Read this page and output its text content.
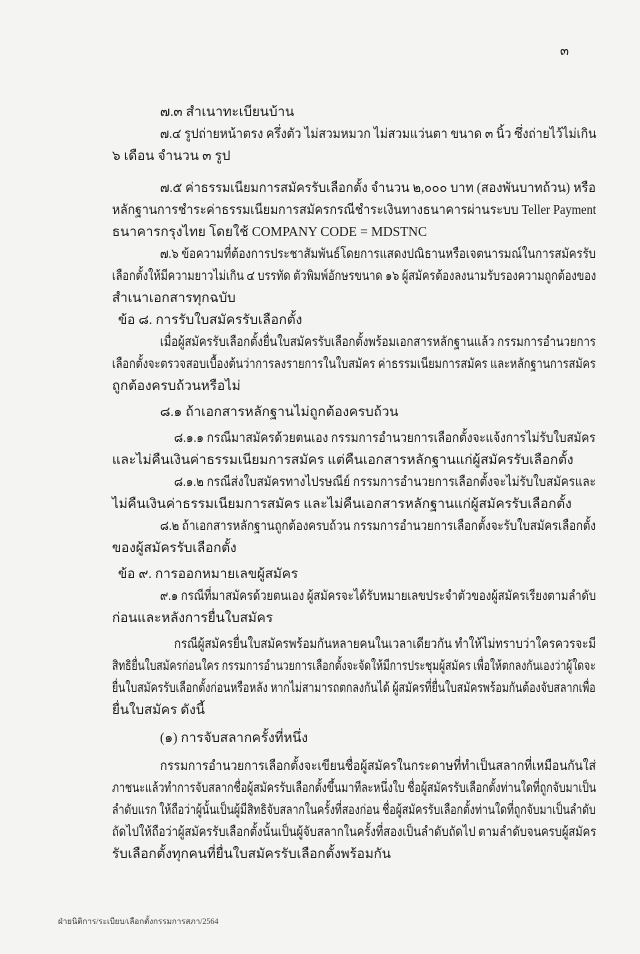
๓
๗.๓ สำเนาทะเบียนบ้าน
๗.๔ รูปถ่ายหน้าตรง ครึ่งตัว ไม่สวมหมวก ไม่สวมแว่นตา ขนาด ๓ นิ้ว ซึ่งถ่ายไว้ไม่เกิน
๖ เดือน จำนวน ๓ รูป
๗.๕ ค่าธรรมเนียมการสมัครรับเลือกตั้ง จำนวน ๒,๐๐๐ บาท (สองพันบาทถ้วน) หรือ
หลักฐานการชำระค่าธรรมเนียมการสมัครกรณีชำระเงินทางธนาคารผ่านระบบ Teller Payment
ธนาคารกรุงไทย โดยใช้ COMPANY CODE = MDSTNC
๗.๖ ข้อความที่ต้องการประชาสัมพันธ์โดยการแสดงปณิธานหรือเจตนารมณ์ในการสมัครรับ
เลือกตั้งให้มีความยาวไม่เกิน ๔ บรรทัด ตัวพิมพ์อักษรขนาด ๑๖ ผู้สมัครต้องลงนามรับรองความถูกต้องของ
สำเนาเอกสารทุกฉบับ
ข้อ ๘. การรับใบสมัครรับเลือกตั้ง
เมื่อผู้สมัครรับเลือกตั้งยื่นใบสมัครรับเลือกตั้งพร้อมเอกสารหลักฐานแล้ว กรรมการอำนวยการ
เลือกตั้งจะตรวจสอบเบื้องต้นว่าการลงรายการในใบสมัคร ค่าธรรมเนียมการสมัคร และหลักฐานการสมัคร
ถูกต้องครบถ้วนหรือไม่
๘.๑ ถ้าเอกสารหลักฐานไม่ถูกต้องครบถ้วน
๘.๑.๑ กรณีมาสมัครด้วยตนเอง กรรมการอำนวยการเลือกตั้งจะแจ้งการไม่รับใบสมัคร
และไม่คืนเงินค่าธรรมเนียมการสมัคร แต่คืนเอกสารหลักฐานแก่ผู้สมัครรับเลือกตั้ง
๘.๑.๒ กรณีส่งใบสมัครทางไปรษณีย์ กรรมการอำนวยการเลือกตั้งจะไม่รับใบสมัครและ
ไม่คืนเงินค่าธรรมเนียมการสมัคร และไม่คืนเอกสารหลักฐานแก่ผู้สมัครรับเลือกตั้ง
๘.๒ ถ้าเอกสารหลักฐานถูกต้องครบถ้วน กรรมการอำนวยการเลือกตั้งจะรับใบสมัครเลือกตั้ง
ของผู้สมัครรับเลือกตั้ง
ข้อ ๙. การออกหมายเลขผู้สมัคร
๙.๑ กรณีที่มาสมัครด้วยตนเอง ผู้สมัครจะได้รับหมายเลขประจำตัวของผู้สมัครเรียงตามลำดับ
ก่อนและหลังการยื่นใบสมัคร
กรณีผู้สมัครยื่นใบสมัครพร้อมกันหลายคนในเวลาเดียวกัน ทำให้ไม่ทราบว่าใครควรจะมี
สิทธิยื่นใบสมัครก่อนใคร กรรมการอำนวยการเลือกตั้งจะจัดให้มีการประชุมผู้สมัคร เพื่อให้ตกลงกันเองว่าผู้ใดจะ
ยื่นใบสมัครรับเลือกตั้งก่อนหรือหลัง หากไม่สามารถตกลงกันได้ ผู้สมัครที่ยื่นใบสมัครพร้อมกันต้องจับสลากเพื่อ
ยื่นใบสมัคร ดังนี้
(๑) การจับสลากครั้งที่หนึ่ง
กรรมการอำนวยการเลือกตั้งจะเขียนชื่อผู้สมัครในกระดาษที่ทำเป็นสลากที่เหมือนกันใส่
ภาชนะแล้วทำการจับสลากชื่อผู้สมัครรับเลือกตั้งขึ้นมาทีละหนึ่งใบ ชื่อผู้สมัครรับเลือกตั้งท่านใดที่ถูกจับมาเป็น
ลำดับแรก ให้ถือว่าผู้นั้นเป็นผู้มีสิทธิจับสลากในครั้งที่สองก่อน ชื่อผู้สมัครรับเลือกตั้งท่านใดที่ถูกจับมาเป็นลำดับ
ถัดไปให้ถือว่าผู้สมัครรับเลือกตั้งนั้นเป็นผู้จับสลากในครั้งที่สองเป็นลำดับถัดไป ตามลำดับจนครบผู้สมัคร
รับเลือกตั้งทุกคนที่ยื่นใบสมัครรับเลือกตั้งพร้อมกัน
ฝ่ายนิติการ/ระเบียบ/เลือกตั้งกรรมการสภา/2564
